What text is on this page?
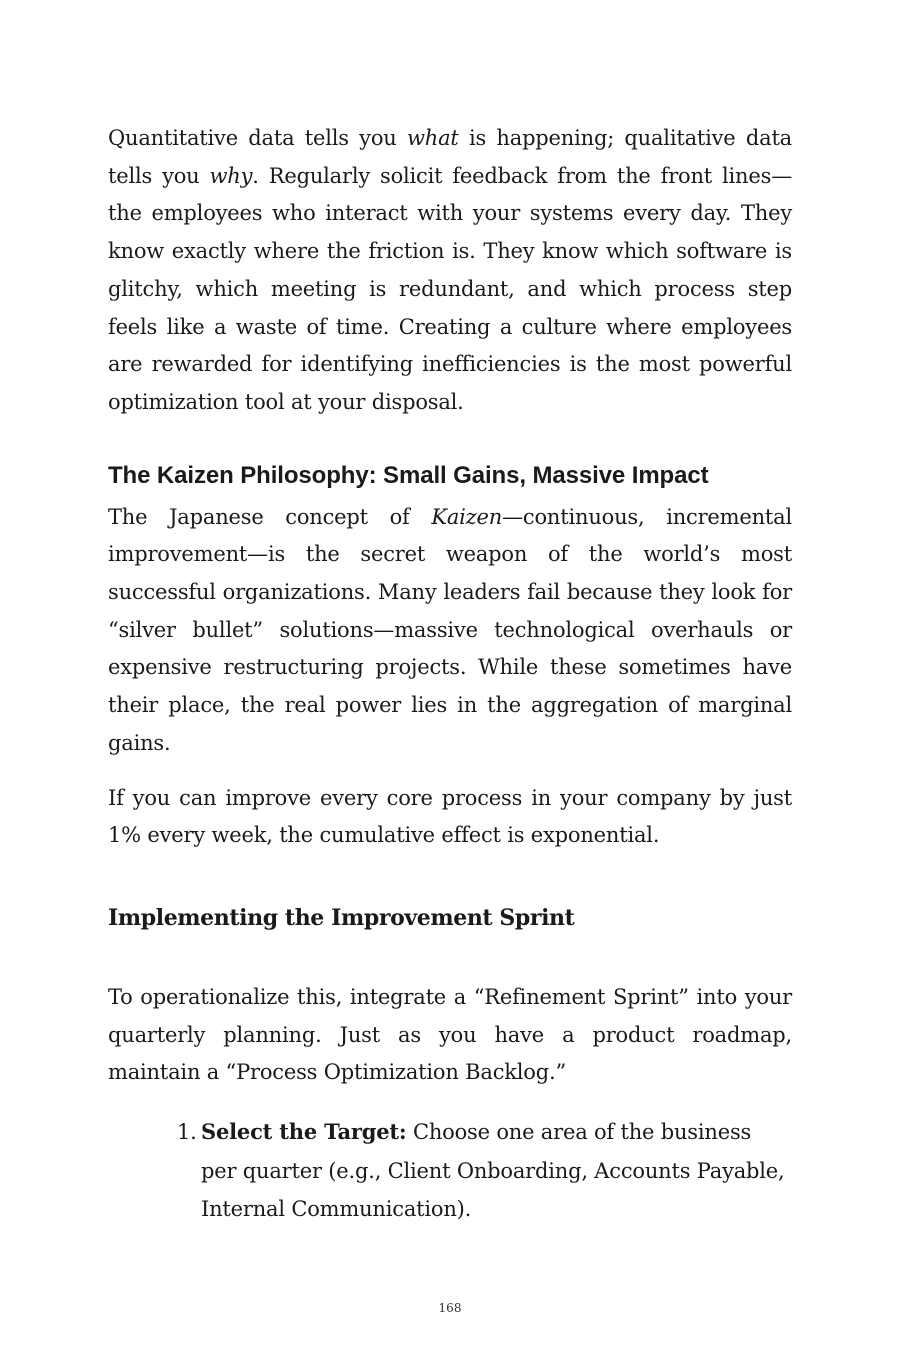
Quantitative data tells you what is happening; qualitative data tells you why. Regularly solicit feedback from the front lines—the employees who interact with your systems every day. They know exactly where the friction is. They know which software is glitchy, which meeting is redundant, and which process step feels like a waste of time. Creating a culture where employees are rewarded for identifying inefficiencies is the most powerful optimization tool at your disposal.

The Kaizen Philosophy: Small Gains, Massive Impact

The Japanese concept of Kaizen—continuous, incremental improvement—is the secret weapon of the world’s most successful organizations. Many leaders fail because they look for “silver bullet” solutions—massive technological overhauls or expensive restructuring projects. While these sometimes have their place, the real power lies in the aggregation of marginal gains.

If you can improve every core process in your company by just 1% every week, the cumulative effect is exponential.

Implementing the Improvement Sprint

To operationalize this, integrate a “Refinement Sprint” into your quarterly planning. Just as you have a product roadmap, maintain a “Process Optimization Backlog.”

1. Select the Target: Choose one area of the business per quarter (e.g., Client Onboarding, Accounts Payable, Internal Communication).
168
